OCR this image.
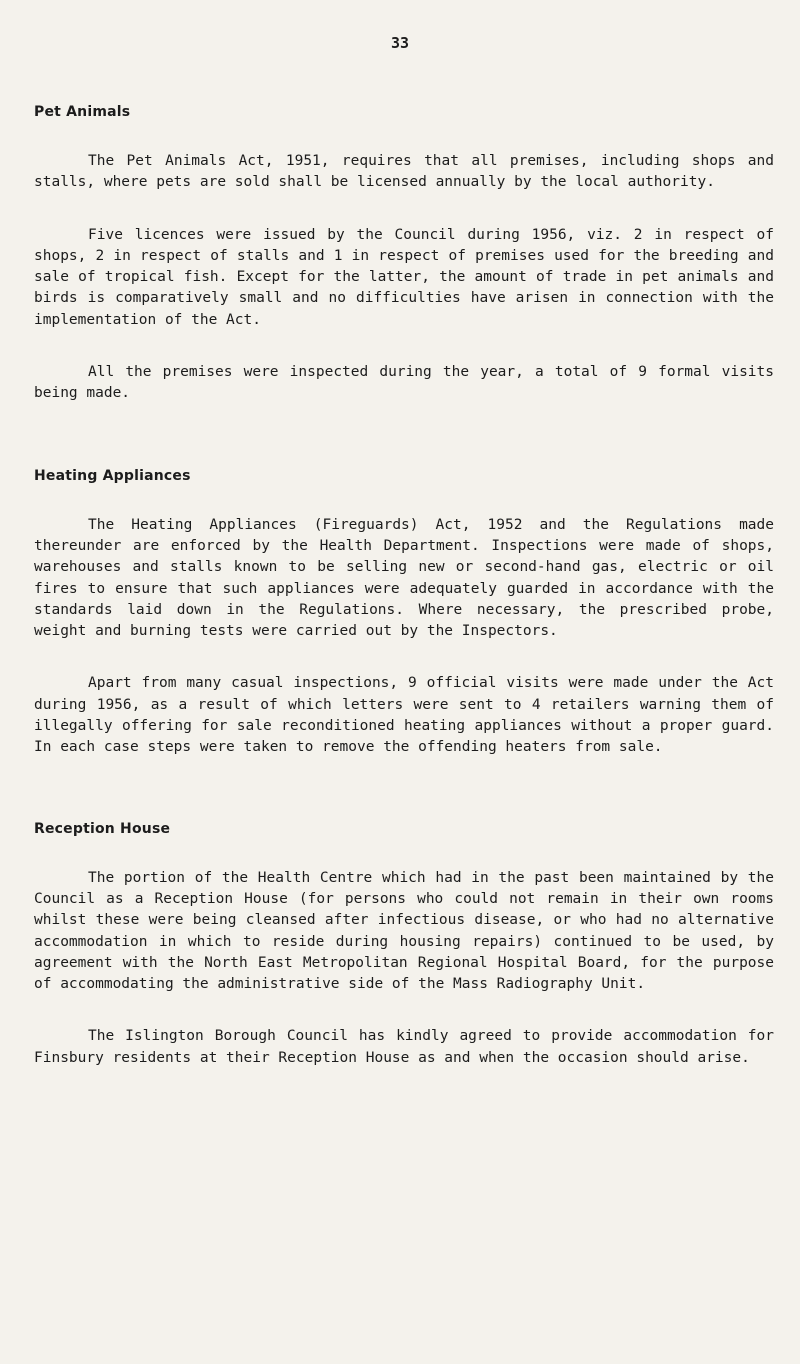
33
Pet Animals

The Pet Animals Act, 1951, requires that all premises, including shops and stalls, where pets are sold shall be licensed annually by the local authority.

Five licences were issued by the Council during 1956, viz. 2 in respect of shops, 2 in respect of stalls and 1 in respect of premises used for the breeding and sale of tropical fish. Except for the latter, the amount of trade in pet animals and birds is comparatively small and no difficulties have arisen in connection with the implementation of the Act.

All the premises were inspected during the year, a total of 9 formal visits being made.

Heating Appliances

The Heating Appliances (Fireguards) Act, 1952 and the Regulations made thereunder are enforced by the Health Department. Inspections were made of shops, warehouses and stalls known to be selling new or second-hand gas, electric or oil fires to ensure that such appliances were adequately guarded in accordance with the standards laid down in the Regulations. Where necessary, the prescribed probe, weight and burning tests were carried out by the Inspectors.

Apart from many casual inspections, 9 official visits were made under the Act during 1956, as a result of which letters were sent to 4 retailers warning them of illegally offering for sale reconditioned heating appliances without a proper guard. In each case steps were taken to remove the offending heaters from sale.

Reception House

The portion of the Health Centre which had in the past been maintained by the Council as a Reception House (for persons who could not remain in their own rooms whilst these were being cleansed after infectious disease, or who had no alternative accommodation in which to reside during housing repairs) continued to be used, by agreement with the North East Metropolitan Regional Hospital Board, for the purpose of accommodating the administrative side of the Mass Radiography Unit.

The Islington Borough Council has kindly agreed to provide accommodation for Finsbury residents at their Reception House as and when the occasion should arise.
